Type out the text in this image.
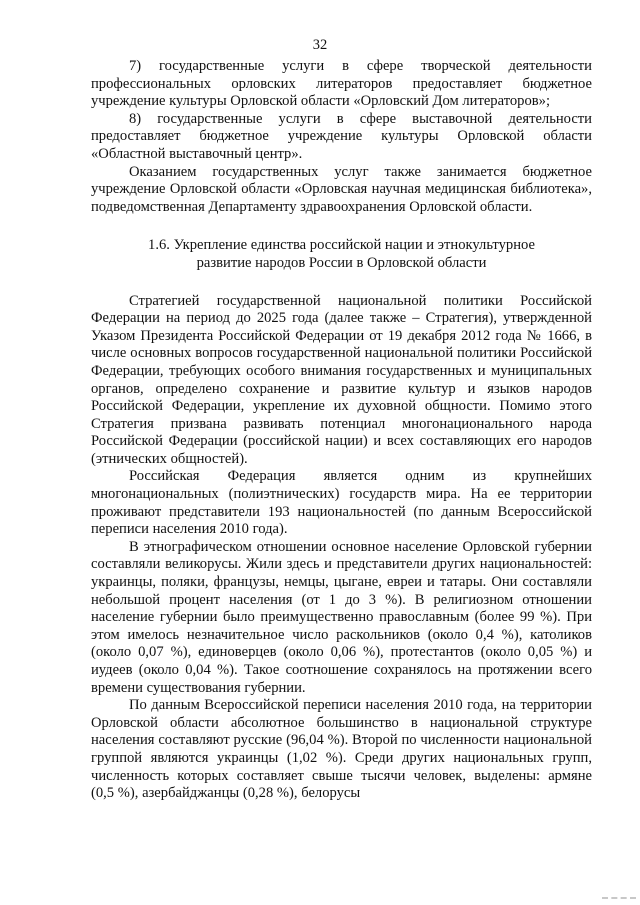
32

7) государственные услуги в сфере творческой деятельности профессиональных орловских литераторов предоставляет бюджетное учреждение культуры Орловской области «Орловский Дом литераторов»;

8) государственные услуги в сфере выставочной деятельности предоставляет бюджетное учреждение культуры Орловской области «Областной выставочный центр».

Оказанием государственных услуг также занимается бюджетное учреждение Орловской области «Орловская научная медицинская библиотека», подведомственная Департаменту здравоохранения Орловской области.

1.6. Укрепление единства российской нации и этнокультурное
развитие народов России в Орловской области

Стратегией государственной национальной политики Российской Федерации на период до 2025 года (далее также – Стратегия), утвержденной Указом Президента Российской Федерации от 19 декабря 2012 года № 1666, в числе основных вопросов государственной национальной политики Российской Федерации, требующих особого внимания государственных и муниципальных органов, определено сохранение и развитие культур и языков народов Российской Федерации, укрепление их духовной общности. Помимо этого Стратегия призвана развивать потенциал многонационального народа Российской Федерации (российской нации) и всех составляющих его народов (этнических общностей).

Российская Федерация является одним из крупнейших многонациональных (полиэтнических) государств мира. На ее территории проживают представители 193 национальностей (по данным Всероссийской переписи населения 2010 года).

В этнографическом отношении основное население Орловской губернии составляли великорусы. Жили здесь и представители других национальностей: украинцы, поляки, французы, немцы, цыгане, евреи и татары. Они составляли небольшой процент населения (от 1 до 3 %). В религиозном отношении население губернии было преимущественно православным (более 99 %). При этом имелось незначительное число раскольников (около 0,4 %), католиков (около 0,07 %), единоверцев (около 0,06 %), протестантов (около 0,05 %) и иудеев (около 0,04 %). Такое соотношение сохранялось на протяжении всего времени существования губернии.

По данным Всероссийской переписи населения 2010 года, на территории Орловской области абсолютное большинство в национальной структуре населения составляют русские (96,04 %). Второй по численности национальной группой являются украинцы (1,02 %). Среди других национальных групп, численность которых составляет свыше тысячи человек, выделены: армяне (0,5 %), азербайджанцы (0,28 %), белорусы
